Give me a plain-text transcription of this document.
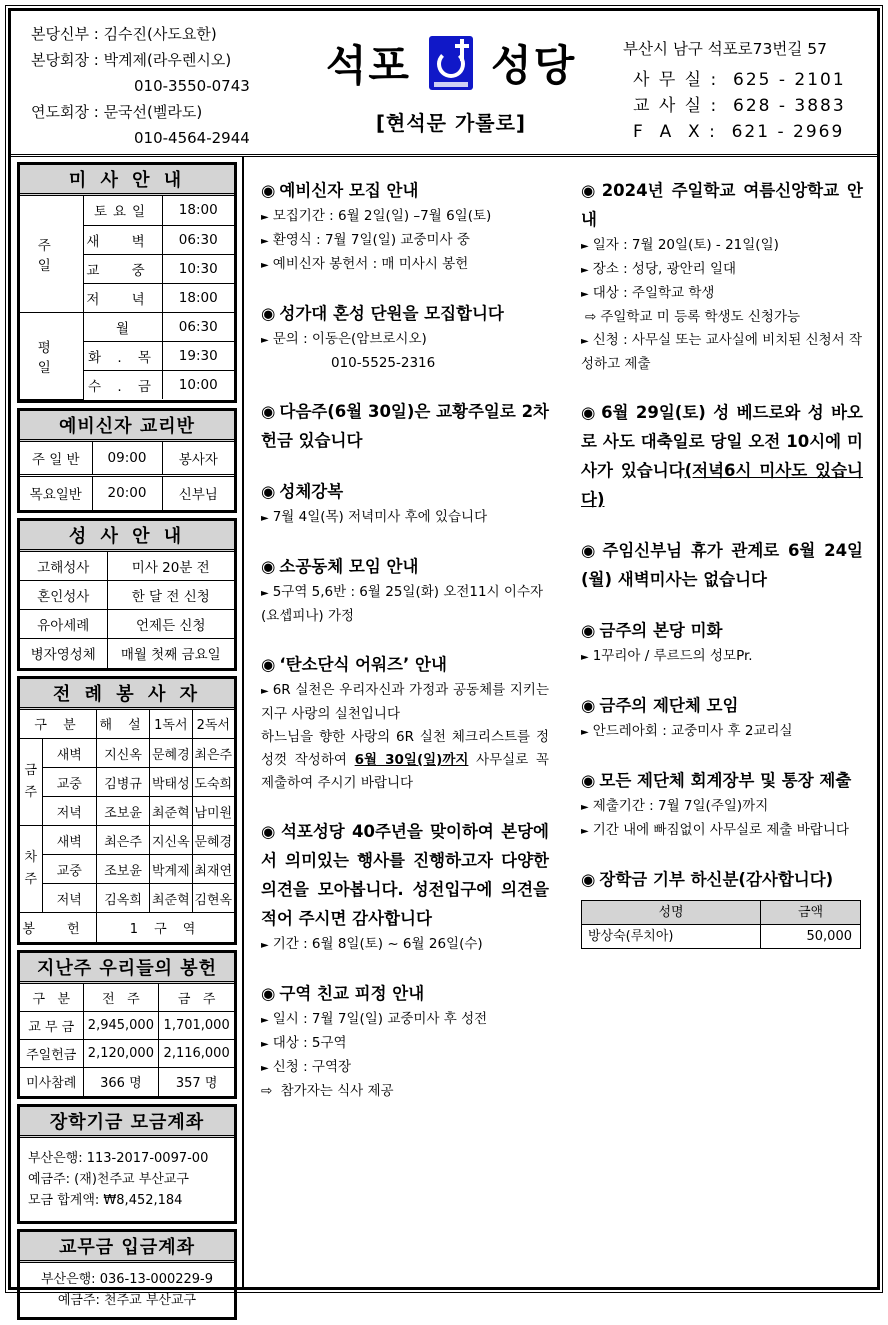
본당신부 : 김수진(사도요한)
본당회장 : 박계제(라우렌시오)
010-3550-0743
연도회장 : 문국선(벨라도)
010-4564-2944
석포 성당
[현석문 가롤로]
부산시 남구 석포로73번길 57
사 무 실 :  625 - 2101
교 사 실 :  628 - 3883
F  A  X :  621 - 2969
미 사 안 내
주 일	토요일	18:00
	새 벽	06:30
	교 중	10:30
	저 녁	18:00
평 일	월	06:30
	화 . 목	19:30
	수 . 금	10:00
예비신자 교리반
주 일 반	09:00	봉사자
목요일반	20:00	신부님
성 사 안 내
고해성사	미사 20분 전
혼인성사	한 달 전 신청
유아세례	언제든 신청
병자영성체	매월 첫째 금요일
전 례 봉 사 자
구 분		해 설	1독서	2독서
금주	새벽	지신옥	문혜경	최은주
	교중	김병규	박태성	도숙희
	저녁	조보윤	최준혁	남미원
차주	새벽	최은주	지신옥	문혜경
	교중	조보윤	박계제	최재연
	저녁	김옥희	최준혁	김현옥
봉 헌		1 구 역		
지난주 우리들의 봉헌
구   분	전   주	금   주
교 무 금	2,945,000	1,701,000
주일헌금	2,120,000	2,116,000
미사참례	366 명	357 명
장학기금 모금계좌
부산은행: 113-2017-0097-00
예금주: (재)천주교 부산교구
모금 합계액: ₩8,452,184
교무금 입금계좌
부산은행: 036-13-000229-9
예금주: 천주교 부산교구
◉ 예비신자 모집 안내
► 모집기간 : 6월 2일(일) –7월 6일(토)
► 환영식 : 7월 7일(일) 교중미사 중
► 예비신자 봉헌서 : 매 미사시 봉헌
◉ 성가대 혼성 단원을 모집합니다
► 문의 : 이동은(암브로시오)
010-5525-2316
◉ 다음주(6월 30일)은 교황주일로 2차 헌금 있습니다
◉ 성체강복
► 7월 4일(목) 저녁미사 후에 있습니다
◉ 소공동체 모임 안내
► 5구역 5,6반 : 6월 25일(화) 오전11시 이수자(요셉피나) 가정
◉ ‘탄소단식 어워즈’ 안내
► 6R 실천은 우리자신과 가정과 공동체를 지키는 지구 사랑의 실천입니다
하느님을 향한 사랑의 6R 실천 체크리스트를 정성껏 작성하여 6월 30일(일)까지 사무실로 꼭 제출하여 주시기 바랍니다
◉ 석포성당 40주년을 맞이하여 본당에서 의미있는 행사를 진행하고자 다양한 의견을 모아봅니다. 성전입구에 의견을 적어 주시면 감사합니다
► 기간 : 6월 8일(토) ~ 6월 26일(수)
◉ 구역 친교 피정 안내
► 일시 : 7월 7일(일) 교중미사 후 성전
► 대상 : 5구역
► 신청 : 구역장
⇨ 참가자는 식사 제공
◉ 2024년 주일학교 여름신앙학교 안내
► 일자 : 7월 20일(토) - 21일(일)
► 장소 : 성당, 광안리 일대
► 대상 : 주일학교 학생
⇨ 주일학교 미 등록 학생도 신청가능
► 신청 : 사무실 또는 교사실에 비치된 신청서 작성하고 제출
◉ 6월 29일(토) 성 베드로와 성 바오로 사도 대축일로 당일 오전 10시에 미사가 있습니다(저녁6시 미사도 있습니다)
◉ 주임신부님 휴가 관계로 6월 24일(월) 새벽미사는 없습니다
◉ 금주의 본당 미화
► 1꾸리아 / 루르드의 성모Pr.
◉ 금주의 제단체 모임
► 안드레아회 : 교중미사 후 2교리실
◉ 모든 제단체 회계장부 및 통장 제출
► 제출기간 : 7월 7일(주일)까지
► 기간 내에 빠짐없이 사무실로 제출 바랍니다
◉ 장학금 기부 하신분(감사합니다)
성명	금액
방상숙(루치아)	50,000
